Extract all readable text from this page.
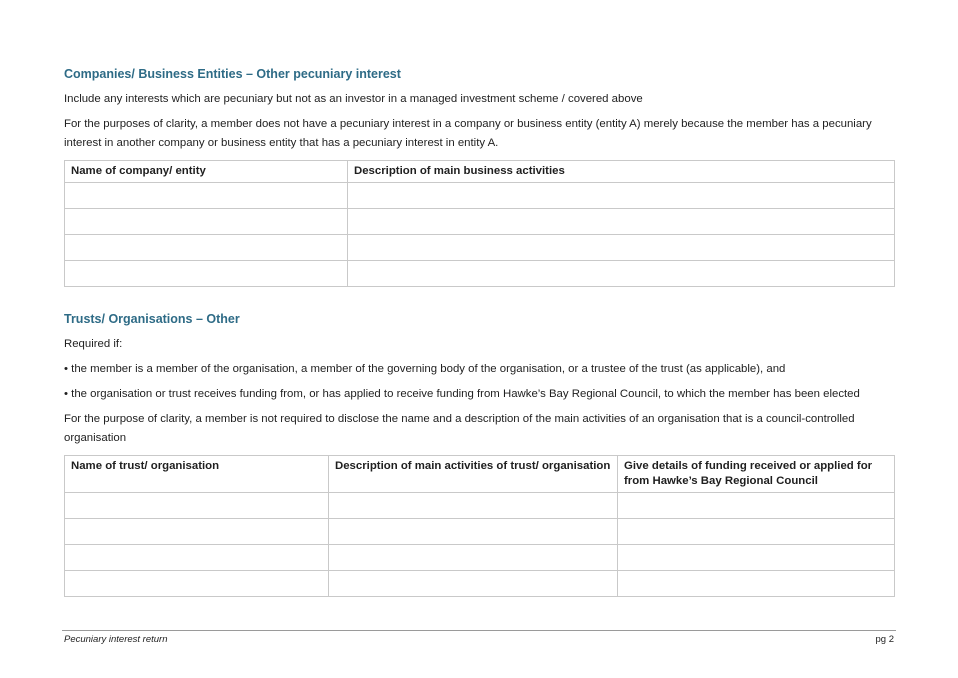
Companies/ Business Entities – Other pecuniary interest

Include any interests which are pecuniary but not as an investor in a managed investment scheme / covered above

For the purposes of clarity, a member does not have a pecuniary interest in a company or business entity (entity A) merely because the member has a pecuniary interest in another company or business entity that has a pecuniary interest in entity A.

Name of company/ entity	Description of main business activities

Trusts/ Organisations – Other

Required if:

• the member is a member of the organisation, a member of the governing body of the organisation, or a trustee of the trust (as applicable), and

• the organisation or trust receives funding from, or has applied to receive funding from Hawke’s Bay Regional Council, to which the member has been elected

For the purpose of clarity, a member is not required to disclose the name and a description of the main activities of an organisation that is a council-controlled organisation

Name of trust/ organisation	Description of main activities of trust/ organisation	Give details of funding received or applied for from Hawke’s Bay Regional Council

Pecuniary interest return	pg 2
